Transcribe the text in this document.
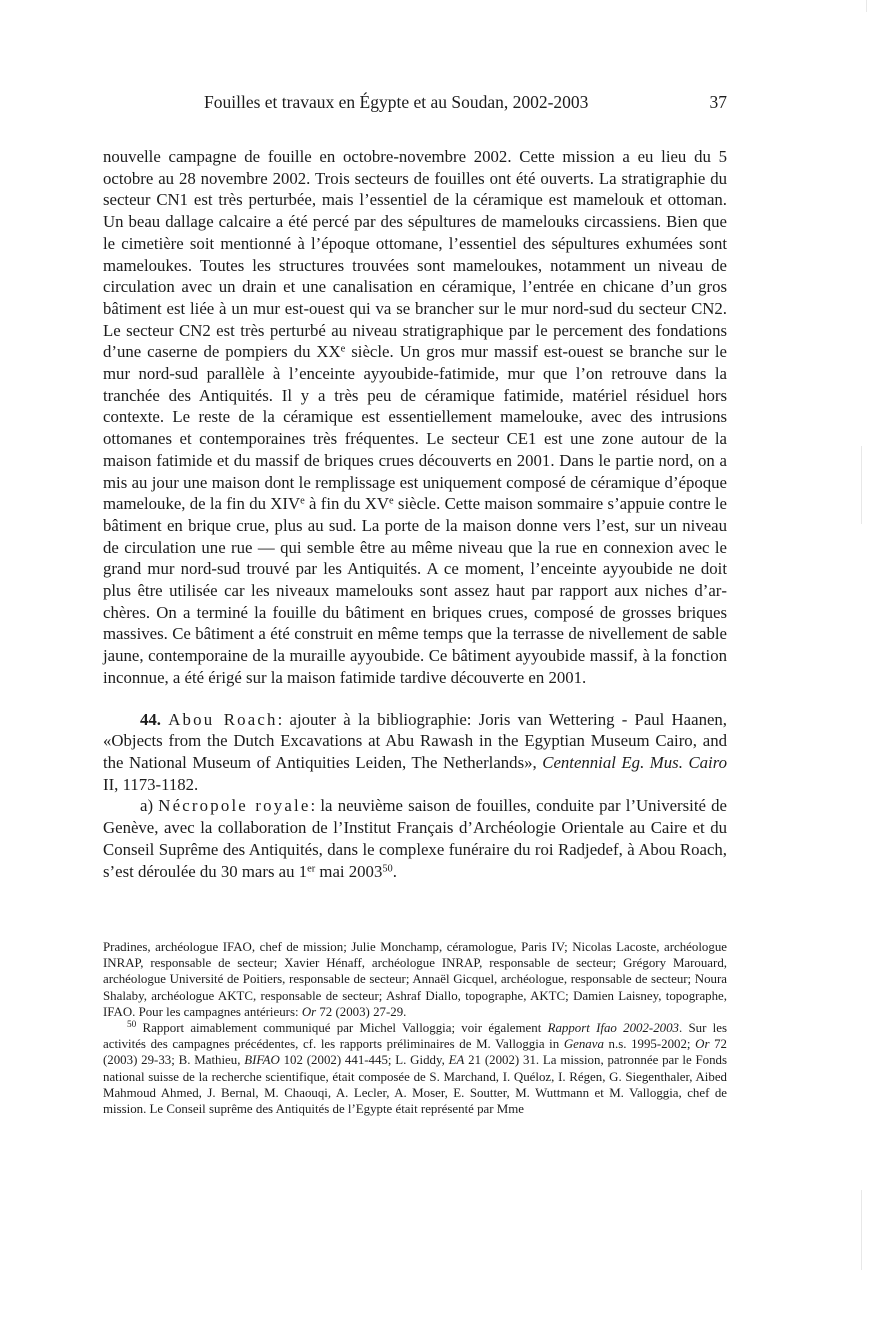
Fouilles et travaux en Égypte et au Soudan, 2002-2003	37

nouvelle campagne de fouille en octobre-novembre 2002. Cette mission a eu lieu du 5 octobre au 28 novembre 2002. Trois secteurs de fouilles ont été ouverts. La stratigraphie du secteur CN1 est très perturbée, mais l’essentiel de la céramique est mamelouk et ottoman. Un beau dallage calcaire a été percé par des sépultures de mamelouks circassiens. Bien que le cimetière soit mentionné à l’époque ottomane, l’essentiel des sépultures exhumées sont mameloukes. Toutes les structures trouvées sont mameloukes, notamment un niveau de circulation avec un drain et une canalisation en céramique, l’entrée en chicane d’un gros bâtiment est liée à un mur est-ouest qui va se brancher sur le mur nord-sud du secteur CN2. Le secteur CN2 est très perturbé au niveau stratigraphique par le percement des fondations d’une caserne de pompiers du XXe siècle. Un gros mur massif est-ouest se branche sur le mur nord-sud parallèle à l’enceinte ayyoubide-fatimide, mur que l’on retrouve dans la tranchée des Antiquités. Il y a très peu de céramique fatimide, matériel résiduel hors contexte. Le reste de la céramique est essentiellement mamelouke, avec des intrusions ottomanes et contemporaines très fréquentes. Le secteur CE1 est une zone autour de la maison fatimide et du massif de briques crues découverts en 2001. Dans le partie nord, on a mis au jour une maison dont le remplissage est uniquement composé de céramique d’époque mamelouke, de la fin du XIVe à fin du XVe siècle. Cette maison sommaire s’appuie contre le bâtiment en brique crue, plus au sud. La porte de la maison donne vers l’est, sur un niveau de circulation une rue — qui semble être au même niveau que la rue en connexion avec le grand mur nord-sud trouvé par les Antiquités. A ce moment, l’enceinte ayyoubide ne doit plus être utilisée car les niveaux mamelouks sont assez haut par rapport aux niches d’archères. On a terminé la fouille du bâtiment en briques crues, composé de grosses briques massives. Ce bâtiment a été construit en même temps que la terrasse de nivellement de sable jaune, contemporaine de la muraille ayyoubide. Ce bâtiment ayyoubide massif, à la fonction inconnue, a été érigé sur la maison fatimide tardive découverte en 2001.

44. Abou Roach: ajouter à la bibliographie: Joris van Wettering - Paul Haanen, «Objects from the Dutch Excavations at Abu Rawash in the Egyptian Museum Cairo, and the National Museum of Antiquities Leiden, The Netherlands», Centennial Eg. Mus. Cairo II, 1173-1182.

a) Nécropole royale: la neuvième saison de fouilles, conduite par l’Université de Genève, avec la collaboration de l’Institut Français d’Archéologie Orientale au Caire et du Conseil Suprême des Antiquités, dans le complexe funéraire du roi Radjedef, à Abou Roach, s’est déroulée du 30 mars au 1er mai 2003$^{50}$.

Pradines, archéologue IFAO, chef de mission; Julie Monchamp, céramologue, Paris IV; Nicolas Lacoste, archéologue INRAP, responsable de secteur; Xavier Hénaff, archéologue INRAP, responsable de secteur; Grégory Marouard, archéologue Université de Poitiers, responsable de secteur; Annaël Gicquel, archéologue, responsable de secteur; Noura Shalaby, archéologue AKTC, responsable de secteur; Ashraf Diallo, topographe, AKTC; Damien Laisney, topographe, IFAO. Pour les campagnes antérieurs: Or 72 (2003) 27-29.

$^{50}$ Rapport aimablement communiqué par Michel Valloggia; voir également Rapport Ifao 2002-2003. Sur les activités des campagnes précédentes, cf. les rapports préliminaires de M. Valloggia in Genava n.s. 1995-2002; Or 72 (2003) 29-33; B. Mathieu, BIFAO 102 (2002) 441-445; L. Giddy, EA 21 (2002) 31. La mission, patronnée par le Fonds national suisse de la recherche scientifique, était composée de S. Marchand, I. Quéloz, I. Régen, G. Siegenthaler, Aibed Mahmoud Ahmed, J. Bernal, M. Chaouqi, A. Lecler, A. Moser, E. Soutter, M. Wuttmann et M. Valloggia, chef de mission. Le Conseil suprême des Antiquités de l’Egypte était représenté par Mme
